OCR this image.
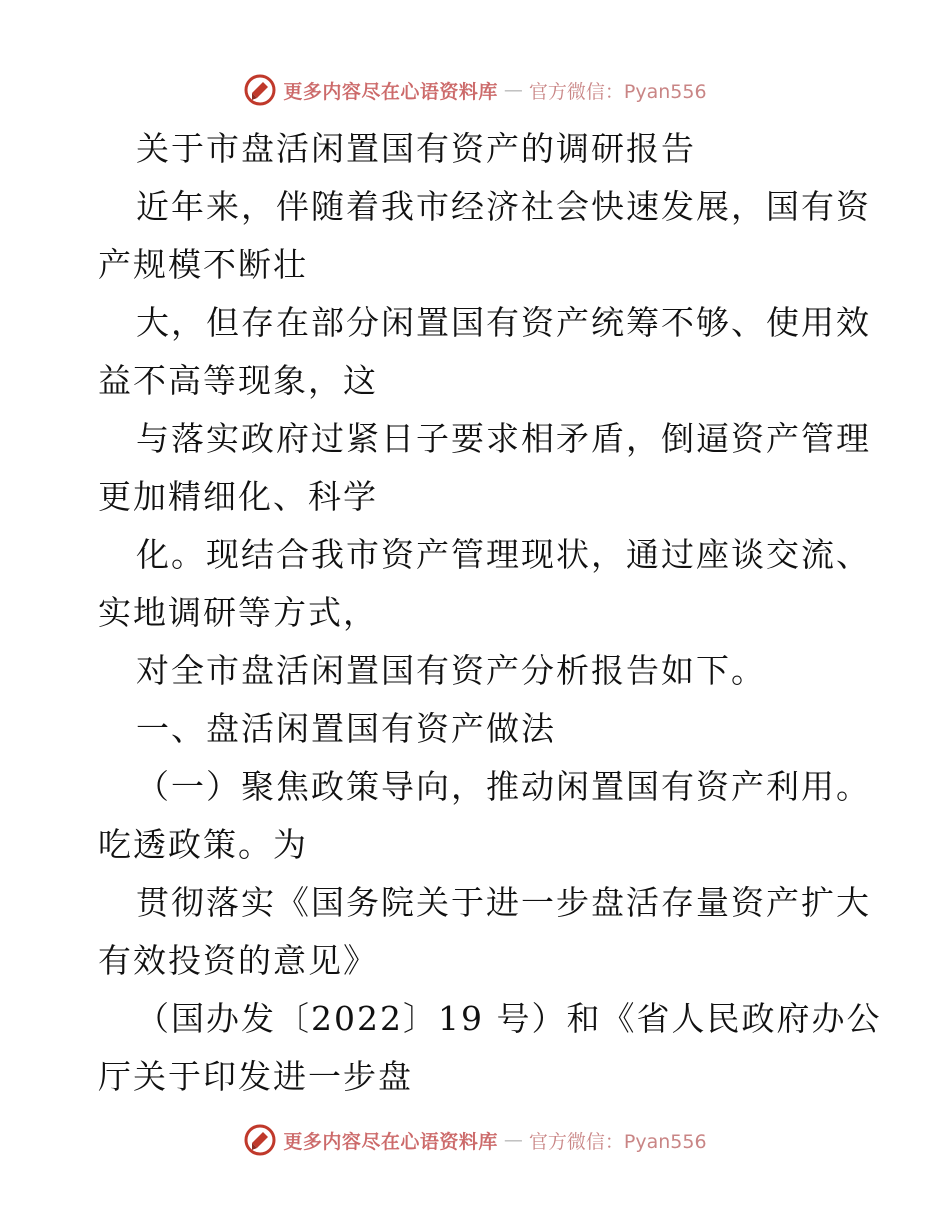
更多内容尽在心语资料库 — 官方微信：Pyan556
关于市盘活闲置国有资产的调研报告
近年来，伴随着我市经济社会快速发展，国有资
产规模不断壮
大，但存在部分闲置国有资产统筹不够、使用效
益不高等现象，这
与落实政府过紧日子要求相矛盾，倒逼资产管理
更加精细化、科学
化。现结合我市资产管理现状，通过座谈交流、
实地调研等方式，
对全市盘活闲置国有资产分析报告如下。
一、盘活闲置国有资产做法
（一）聚焦政策导向，推动闲置国有资产利用。
吃透政策。为
贯彻落实《国务院关于进一步盘活存量资产扩大
有效投资的意见》
（国办发〔2022〕19 号）和《省人民政府办公
厅关于印发进一步盘
更多内容尽在心语资料库 — 官方微信：Pyan556
